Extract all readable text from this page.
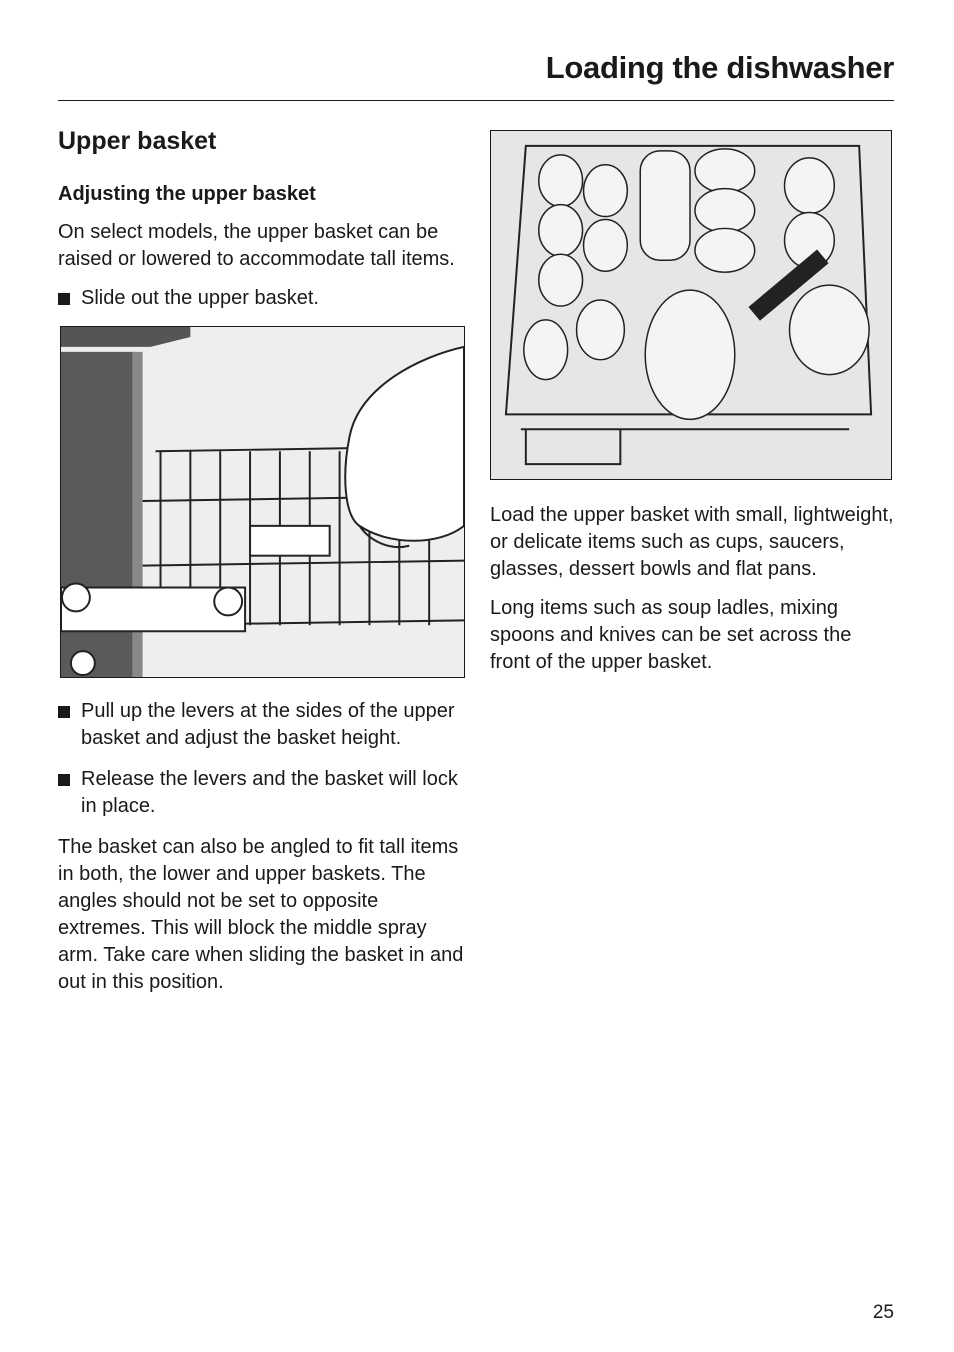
Loading the dishwasher
Upper basket
Adjusting the upper basket

On select models, the upper basket can be raised or lowered to accommodate tall items.

Slide out the upper basket.
Pull up the levers at the sides of the upper basket and adjust the basket height.
Release the levers and the basket will lock in place.

The basket can also be angled to fit tall items in both, the lower and upper baskets. The angles should not be set to opposite extremes. This will block the middle spray arm. Take care when sliding the basket in and out in this position.

Load the upper basket with small, lightweight, or delicate items such as cups, saucers, glasses, dessert bowls and flat pans.

Long items such as soup ladles, mixing spoons and knives can be set across the front of the upper basket.

25
